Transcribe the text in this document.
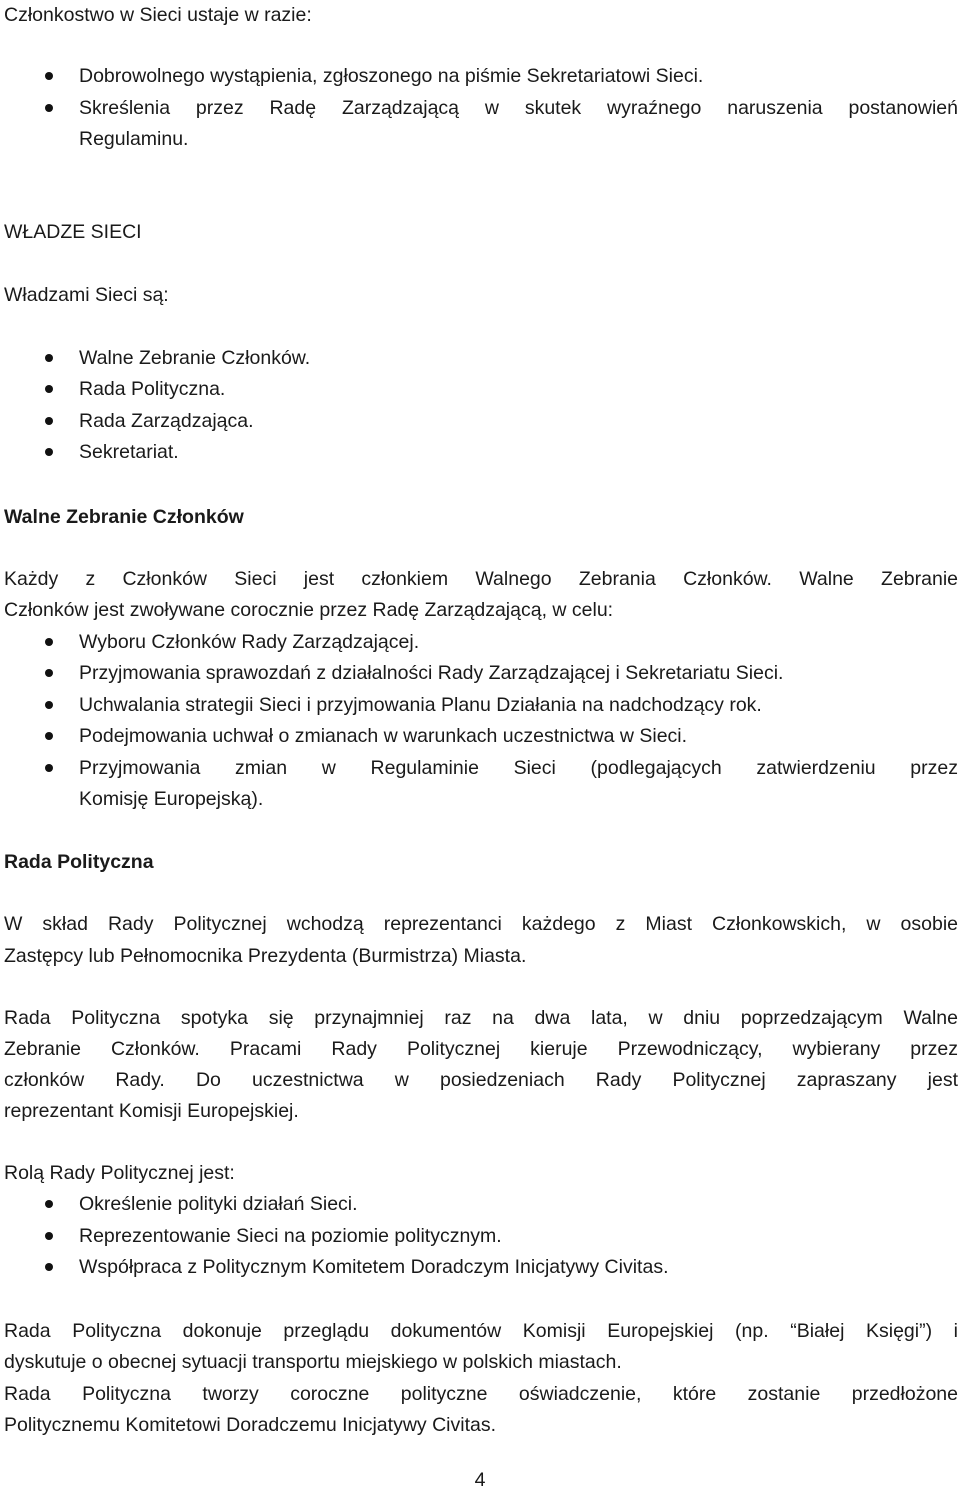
Członkostwo w Sieci ustaje w razie:
Dobrowolnego wystąpienia, zgłoszonego na piśmie Sekretariatowi Sieci.
Skreślenia przez Radę Zarządzającą w skutek wyraźnego naruszenia postanowień
Regulaminu.
WŁADZE SIECI
Władzami Sieci są:
Walne Zebranie Członków.
Rada Polityczna.
Rada Zarządzająca.
Sekretariat.
Walne Zebranie Członków
Każdy z Członków Sieci jest członkiem Walnego Zebrania Członków. Walne Zebranie
Członków jest zwoływane corocznie przez Radę Zarządzającą, w celu:
Wyboru Członków Rady Zarządzającej.
Przyjmowania sprawozdań z działalności Rady Zarządzającej i Sekretariatu Sieci.
Uchwalania strategii Sieci i przyjmowania Planu Działania na nadchodzący rok.
Podejmowania uchwał o zmianach w warunkach uczestnictwa w Sieci.
Przyjmowania zmian w Regulaminie Sieci (podlegających zatwierdzeniu przez
Komisję Europejską).
Rada Polityczna
W skład Rady Politycznej wchodzą reprezentanci każdego z Miast Członkowskich, w osobie
Zastępcy lub Pełnomocnika Prezydenta (Burmistrza) Miasta.
Rada Polityczna spotyka się przynajmniej raz na dwa lata, w dniu poprzedzającym Walne
Zebranie Członków. Pracami Rady Politycznej kieruje Przewodniczący, wybierany przez
członków Rady. Do uczestnictwa w posiedzeniach Rady Politycznej zapraszany jest
reprezentant Komisji Europejskiej.
Rolą Rady Politycznej jest:
Określenie polityki działań Sieci.
Reprezentowanie Sieci na poziomie politycznym.
Współpraca z Politycznym Komitetem Doradczym Inicjatywy Civitas.
Rada Polityczna dokonuje przeglądu dokumentów Komisji Europejskiej (np. “Białej Księgi”) i
dyskutuje o obecnej sytuacji transportu miejskiego w polskich miastach.
Rada Polityczna tworzy coroczne polityczne oświadczenie, które zostanie przedłożone
Politycznemu Komitetowi Doradczemu Inicjatywy Civitas.
4
